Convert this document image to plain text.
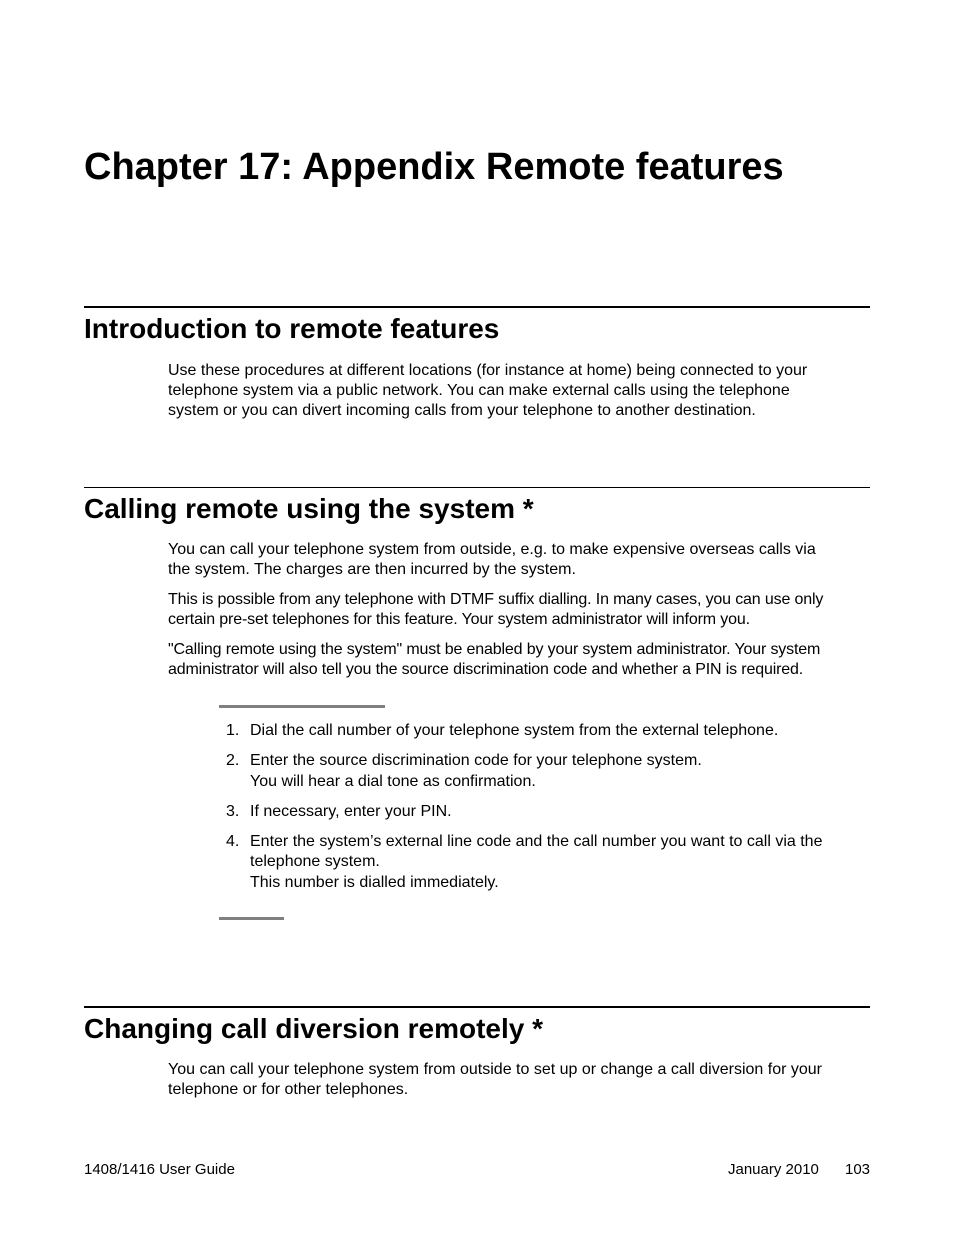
Chapter 17: Appendix Remote features
Introduction to remote features

Use these procedures at different locations (for instance at home) being connected to your
telephone system via a public network. You can make external calls using the telephone
system or you can divert incoming calls from your telephone to another destination.

Calling remote using the system *

You can call your telephone system from outside, e.g. to make expensive overseas calls via
the system. The charges are then incurred by the system.

This is possible from any telephone with DTMF suffix dialling. In many cases, you can use only
certain pre-set telephones for this feature. Your system administrator will inform you.

"Calling remote using the system" must be enabled by your system administrator. Your system
administrator will also tell you the source discrimination code and whether a PIN is required.

1. Dial the call number of your telephone system from the external telephone.
2. Enter the source discrimination code for your telephone system.
You will hear a dial tone as confirmation.
3. If necessary, enter your PIN.
4. Enter the system’s external line code and the call number you want to call via the
telephone system.
This number is dialled immediately.
Changing call diversion remotely *

You can call your telephone system from outside to set up or change a call diversion for your
telephone or for other telephones.

1408/1416 User Guide	January 2010 103
